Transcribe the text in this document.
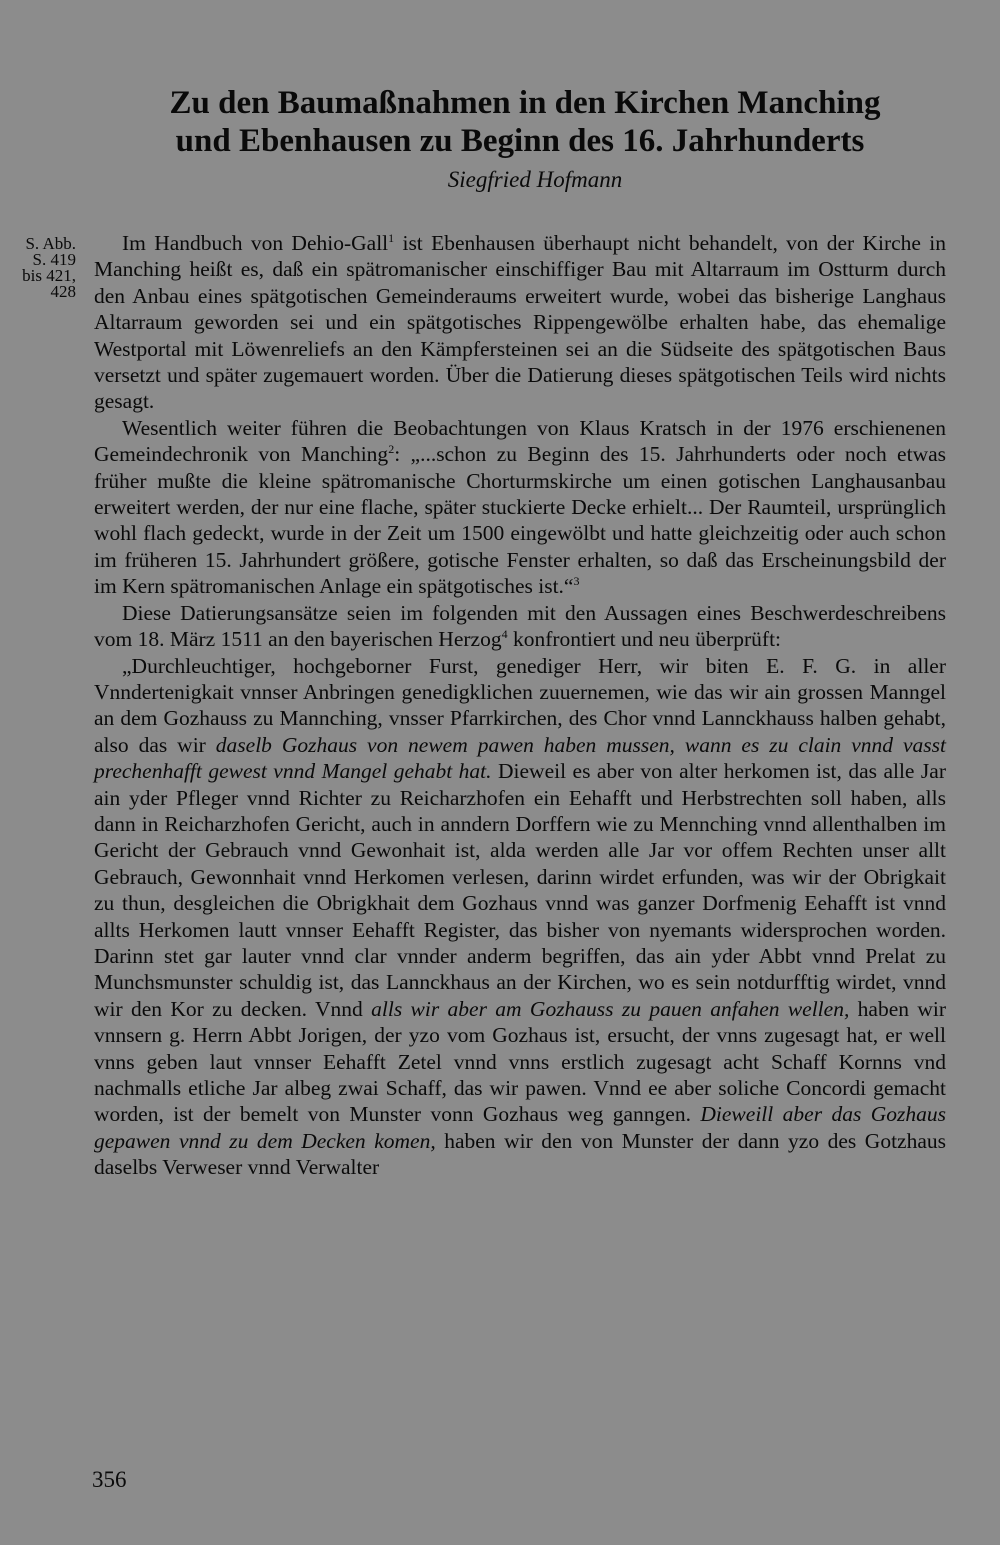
Zu den Baumaßnahmen in den Kirchen Manching
und Ebenhausen zu Beginn des 16. Jahrhunderts
Siegfried Hofmann
S. Abb.
S. 419
bis 421,
428

Im Handbuch von Dehio-Gall$^1$ ist Ebenhausen überhaupt nicht behandelt, von der Kirche in Manching heißt es, daß ein spätromanischer einschiffiger Bau mit Altarraum im Ostturm durch den Anbau eines spätgotischen Gemeinderaums erweitert wurde, wobei das bisherige Langhaus Altarraum geworden sei und ein spätgotisches Rippengewölbe erhalten habe, das ehemalige Westportal mit Löwenreliefs an den Kämpfersteinen sei an die Südseite des spätgotischen Baus versetzt und später zugemauert worden. Über die Datierung dieses spätgotischen Teils wird nichts gesagt.

Wesentlich weiter führen die Beobachtungen von Klaus Kratsch in der 1976 erschienenen Gemeindechronik von Manching$^2$: „...schon zu Beginn des 15. Jahrhunderts oder noch etwas früher mußte die kleine spätromanische Chorturmskirche um einen gotischen Langhausanbau erweitert werden, der nur eine flache, später stuckierte Decke erhielt... Der Raumteil, ursprünglich wohl flach gedeckt, wurde in der Zeit um 1500 eingewölbt und hatte gleichzeitig oder auch schon im früheren 15. Jahrhundert größere, gotische Fenster erhalten, so daß das Erscheinungsbild der im Kern spätromanischen Anlage ein spätgotisches ist.“$^3$

Diese Datierungsansätze seien im folgenden mit den Aussagen eines Beschwerdeschreibens vom 18. März 1511 an den bayerischen Herzog$^4$ konfrontiert und neu überprüft:

„Durchleuchtiger, hochgeborner Furst, genediger Herr, wir biten E. F. G. in aller Vnndertenigkait vnnser Anbringen genedigklichen zuuernemen, wie das wir ain grossen Manngel an dem Gozhauss zu Mannching, vnsser Pfarrkirchen, des Chor vnnd Lannckhauss halben gehabt, also das wir daselb Gozhaus von newem pawen haben mussen, wann es zu clain vnnd vasst prechenhafft gewest vnnd Mangel gehabt hat. Dieweil es aber von alter herkomen ist, das alle Jar ain yder Pfleger vnnd Richter zu Reicharzhofen ein Eehafft und Herbstrechten soll haben, alls dann in Reicharzhofen Gericht, auch in anndern Dorffern wie zu Mennching vnnd allenthalben im Gericht der Gebrauch vnnd Gewonhait ist, alda werden alle Jar vor offem Rechten unser allt Gebrauch, Gewonnhait vnnd Herkomen verlesen, darinn wirdet erfunden, was wir der Obrigkait zu thun, desgleichen die Obrigkhait dem Gozhaus vnnd was ganzer Dorfmenig Eehafft ist vnnd allts Herkomen lautt vnnser Eehafft Register, das bisher von nyemants widersprochen worden. Darinn stet gar lauter vnnd clar vnnder anderm begriffen, das ain yder Abbt vnnd Prelat zu Munchsmunster schuldig ist, das Lannckhaus an der Kirchen, wo es sein notdurfftig wirdet, vnnd wir den Kor zu decken. Vnnd alls wir aber am Gozhauss zu pauen anfahen wellen, haben wir vnnsern g. Herrn Abbt Jorigen, der yzo vom Gozhaus ist, ersucht, der vnns zugesagt hat, er well vnns geben laut vnnser Eehafft Zetel vnnd vnns erstlich zugesagt acht Schaff Kornns vnd nachmalls etliche Jar albeg zwai Schaff, das wir pawen. Vnnd ee aber soliche Concordi gemacht worden, ist der bemelt von Munster vonn Gozhaus weg ganngen. Dieweill aber das Gozhaus gepawen vnnd zu dem Decken komen, haben wir den von Munster der dann yzo des Gotzhaus daselbs Verweser vnnd Verwalter

356
